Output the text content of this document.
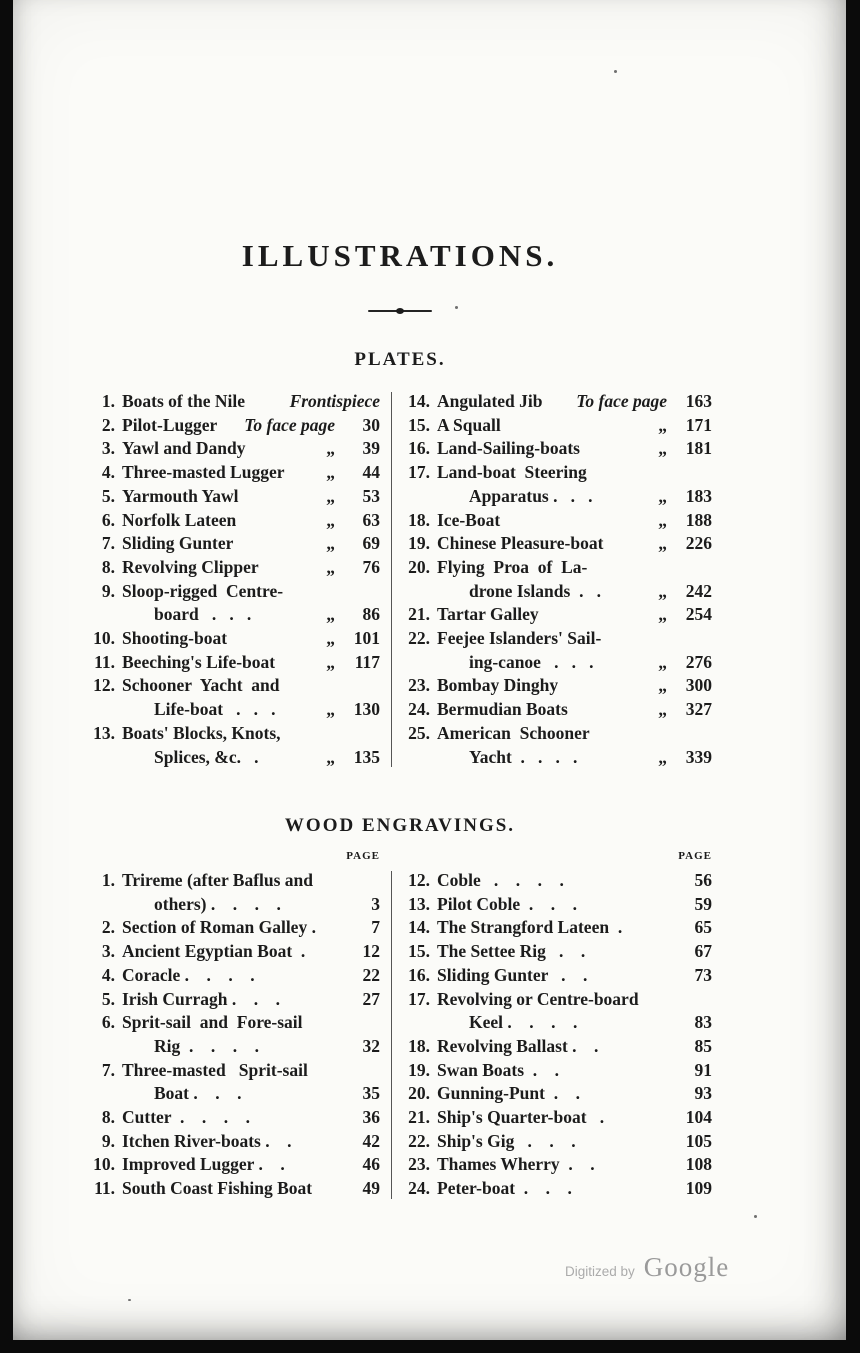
ILLUSTRATIONS.
PLATES.
1. Boats of the Nile	Frontispiece
2. Pilot-Lugger	To face page	30
3. Yawl and Dandy	„	39
4. Three-masted Lugger	„	44
5. Yarmouth Yawl	„	53
6. Norfolk Lateen	„	63
7. Sliding Gunter	„	69
8. Revolving Clipper	„	76
9. Sloop-rigged  Centre-
board   .   .   .	„	86
10. Shooting-boat	„	101
11. Beeching's Life-boat	„	117
12. Schooner  Yacht  and
Life-boat   .   .   .	„	130
13. Boats' Blocks, Knots,
Splices, &c.   .	„	135
14. Angulated Jib	To face page	163
15. A Squall	„	171
16. Land-Sailing-boats	„	181
17. Land-boat  Steering
Apparatus .   .   .	„	183
18. Ice-Boat	„	188
19. Chinese Pleasure-boat	„	226
20. Flying  Proa  of  La-
drone Islands  .   .	„	242
21. Tartar Galley	„	254
22. Feejee Islanders' Sail-
ing-canoe   .   .   .	„	276
23. Bombay Dinghy	„	300
24. Bermudian Boats	„	327
25. American  Schooner
Yacht  .   .   .   .	„	339
WOOD ENGRAVINGS.
PAGE	PAGE
1. Trireme (after Baflus and
others) .    .    .    .	3
2. Section of Roman Galley .	7
3. Ancient Egyptian Boat  .	12
4. Coracle .    .    .    .	22
5. Irish Curragh .    .    .	27
6. Sprit-sail  and  Fore-sail
Rig  .    .    .    .	32
7. Three-masted   Sprit-sail
Boat .    .    .	35
8. Cutter  .    .    .    .	36
9. Itchen River-boats .    .	42
10. Improved Lugger .    .	46
11. South Coast Fishing Boat	49
12. Coble   .    .    .    .	56
13. Pilot Coble  .    .    .	59
14. The Strangford Lateen  .	65
15. The Settee Rig   .    .	67
16. Sliding Gunter   .    .	73
17. Revolving or Centre-board
Keel .    .    .    .	83
18. Revolving Ballast .    .	85
19. Swan Boats  .    .	91
20. Gunning-Punt  .    .	93
21. Ship's Quarter-boat   .	104
22. Ship's Gig   .    .    .	105
23. Thames Wherry  .    .	108
24. Peter-boat  .    .    .	109
Digitized by Google
